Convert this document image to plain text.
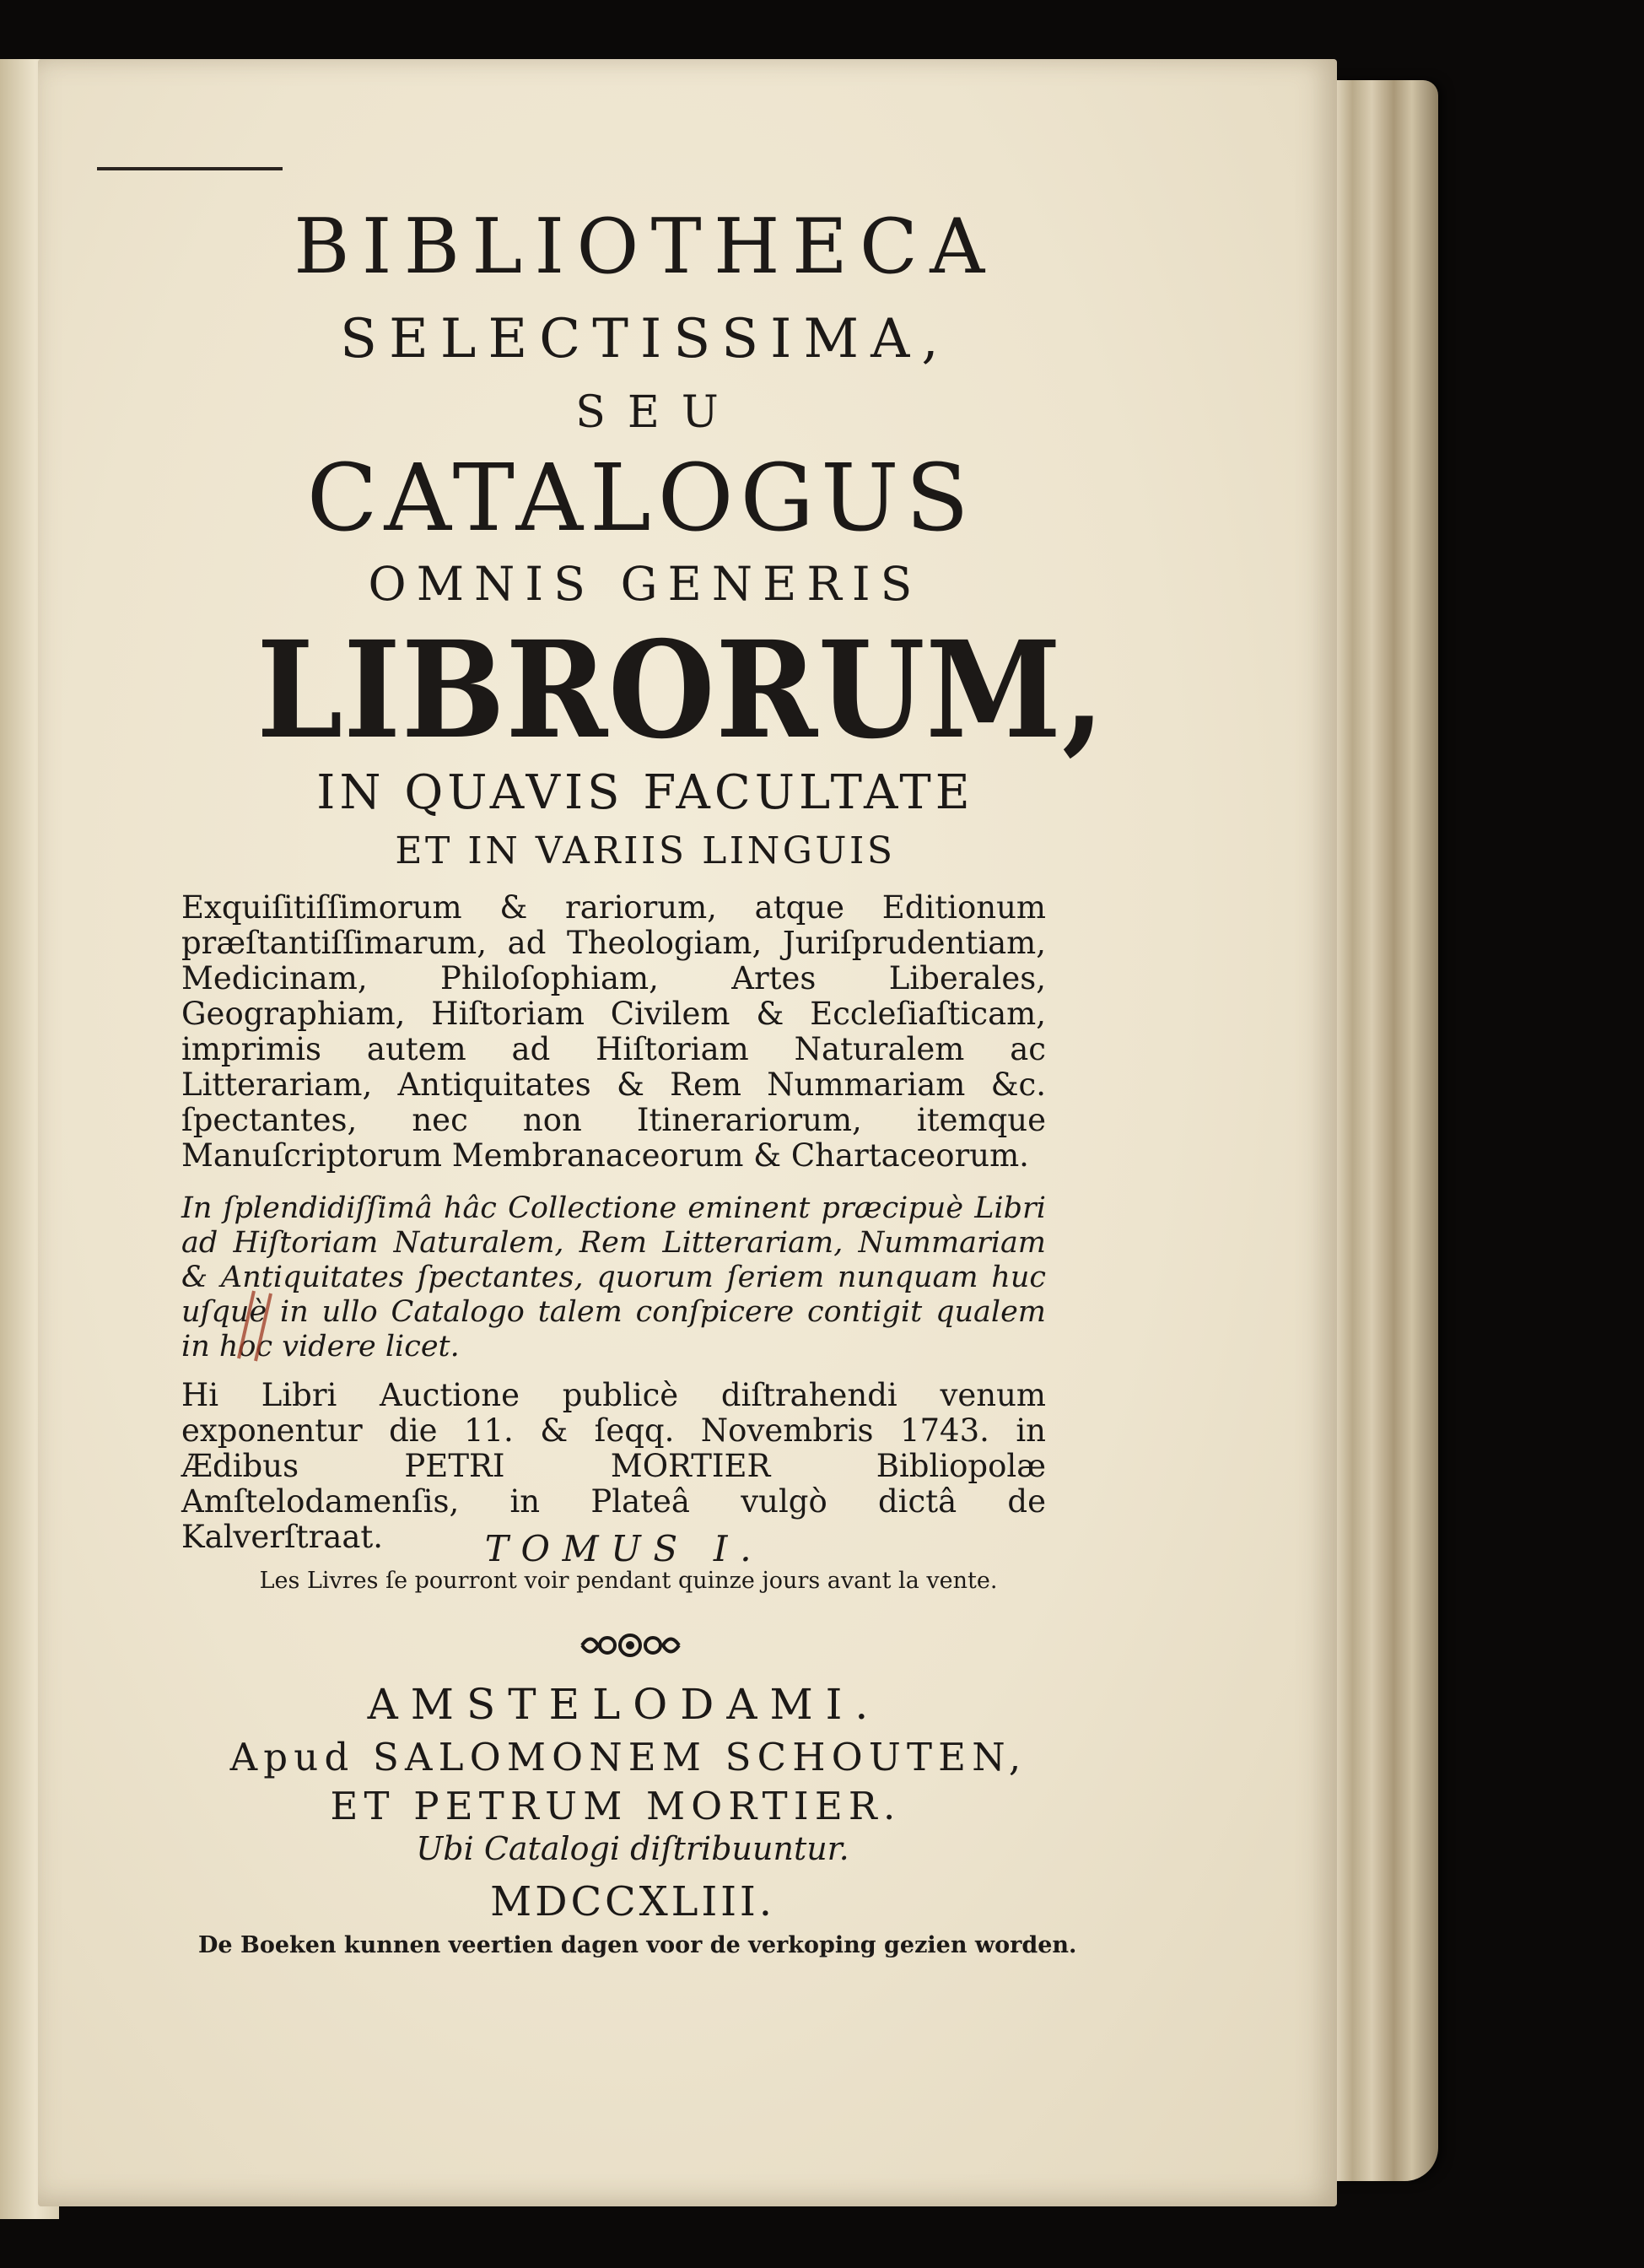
BIBLIOTHECA
SELECTISSIMA,
SEU
CATALOGUS
OMNIS GENERIS
LIBRORUM,
IN QUAVIS FACULTATE
ET IN VARIIS LINGUIS
Exquiſitiſſimorum & rariorum, atque Editionum præſtantiſſimarum, ad Theologiam, Juriſprudentiam, Medicinam, Philoſophiam, Artes Liberales, Geographiam, Hiſtoriam Civilem & Eccleſiaſticam, imprimis autem ad Hiſtoriam Naturalem ac Litterariam, Antiquitates & Rem Nummariam &c. ſpectantes, nec non Itinerariorum, itemque Manuſcriptorum Membranaceorum & Chartaceorum.
In ſplendidiſſimâ hâc Collectione eminent præcipuè Libri ad Hiſtoriam Naturalem, Rem Litterariam, Nummariam & Antiquitates ſpectantes, quorum ſeriem nunquam huc uſquè in ullo Catalogo talem conſpicere contigit qualem in hoc videre licet.
Hi Libri Auctione publicè diſtrahendi venum exponentur die 11. & ſeqq. Novembris 1743. in Ædibus PETRI MORTIER Bibliopolæ Amſtelodamenſis, in Plateâ vulgò dictâ de Kalverſtraat.	TOMUS I.
Les Livres ſe pourront voir pendant quinze jours avant la vente.
AMSTELODAMI.
Apud SALOMONEM SCHOUTEN,
ET PETRUM MORTIER.
Ubi Catalogi diſtribuuntur.
MDCCXLIII.
De Boeken kunnen veertien dagen voor de verkoping gezien worden.
